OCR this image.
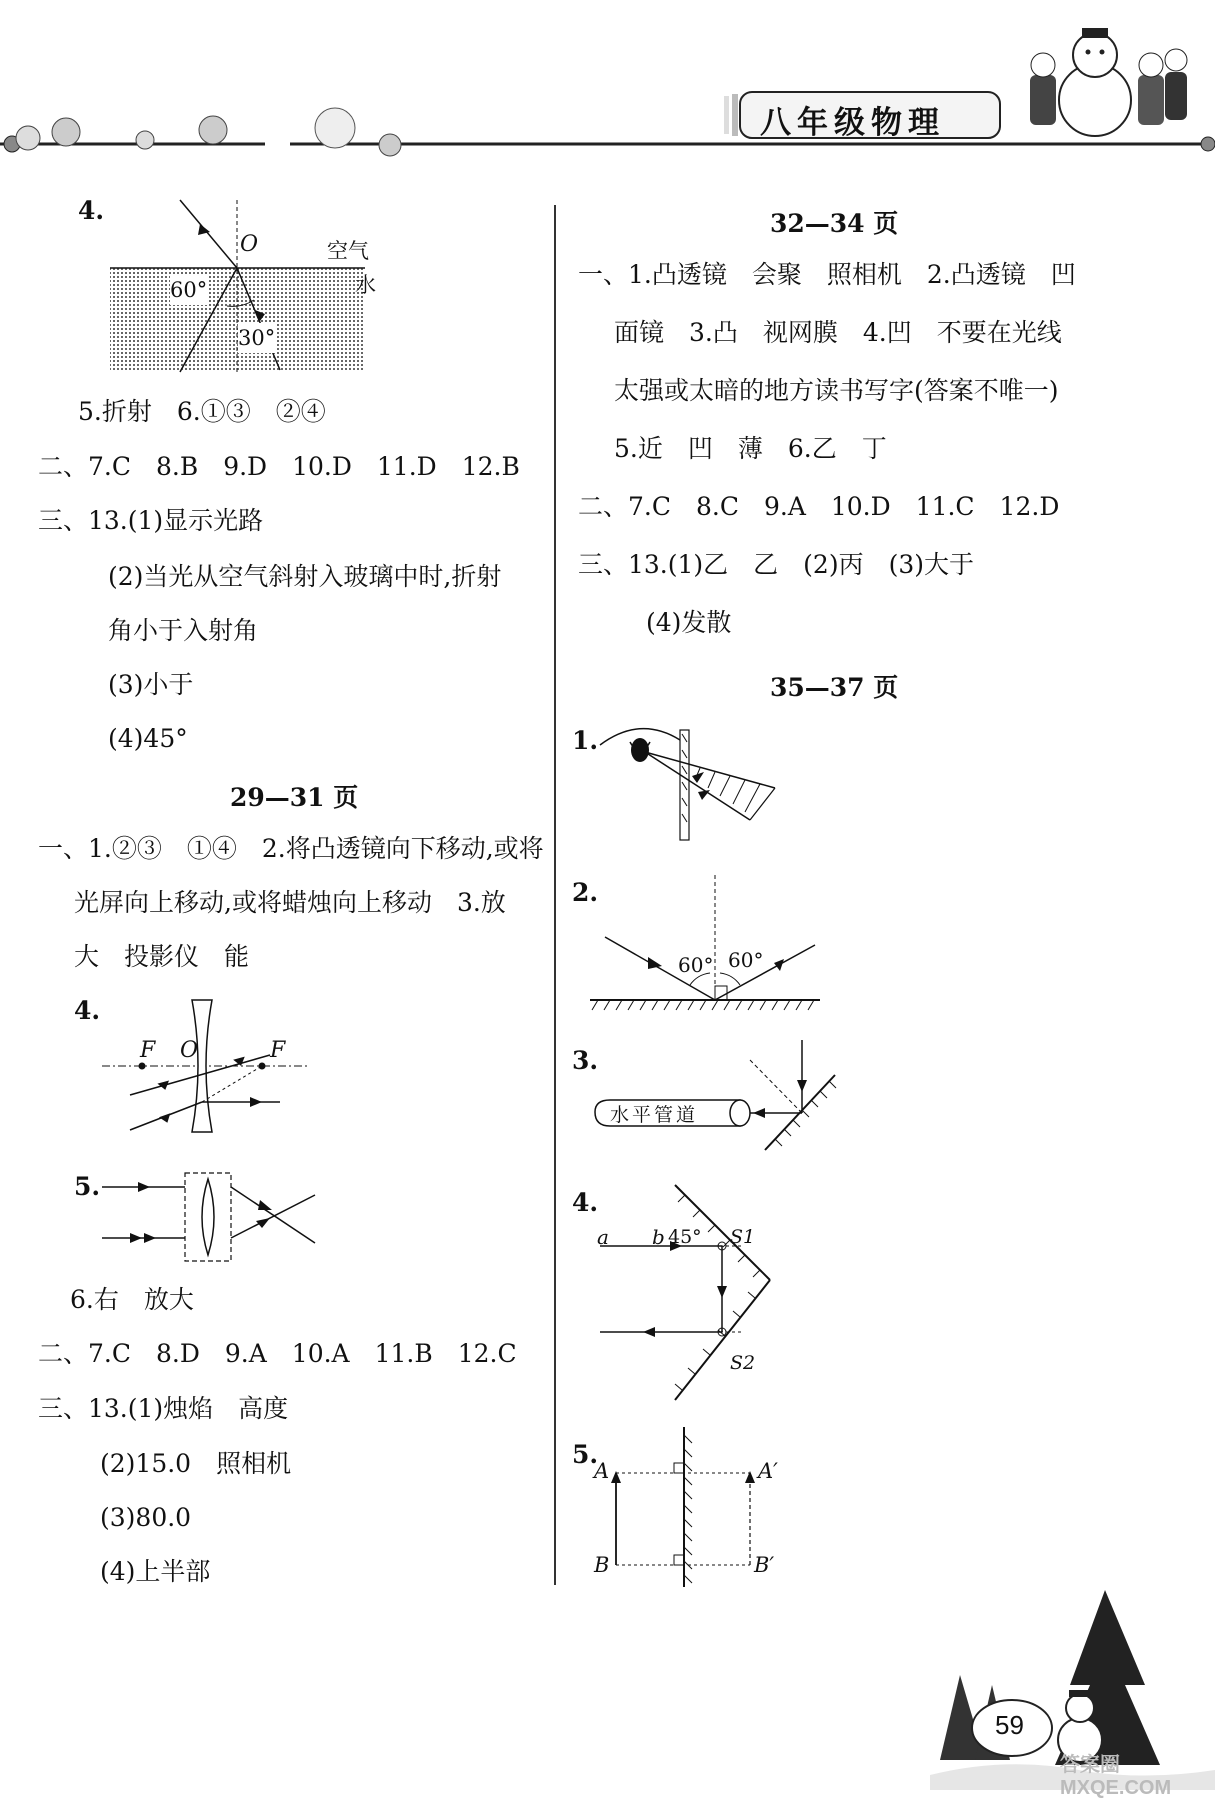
八年级物理
4.
O	空气
水
60°
30°
5.折射　6.①③　②④
二、7.C　8.B　9.D　10.D　11.D　12.B
三、13.(1)显示光路
(2)当光从空气斜射入玻璃中时,折射
角小于入射角
(3)小于
(4)45°
29—31 页
一、1.②③　①④　2.将凸透镜向下移动,或将
光屏向上移动,或将蜡烛向上移动　3.放
大　投影仪　能
4.
F O	F
5.
6.右　放大
二、7.C　8.D　9.A　10.A　11.B　12.C
三、13.(1)烛焰　高度
(2)15.0　照相机
(3)80.0
(4)上半部
32—34 页
一、1.凸透镜　会聚　照相机　2.凸透镜　凹
面镜　3.凸　视网膜　4.凹　不要在光线
太强或太暗的地方读书写字(答案不唯一)
5.近　凹　薄　6.乙　丁
二、7.C　8.C　9.A　10.D　11.C　12.D
三、13.(1)乙　乙　(2)丙　(3)大于
(4)发散
35—37 页
1.
2.
60° 60°
3.
水平管道
4.
a b 45° S1
S2
5.
A
B
A′
B′
59
答案圈 MXQE.COM
